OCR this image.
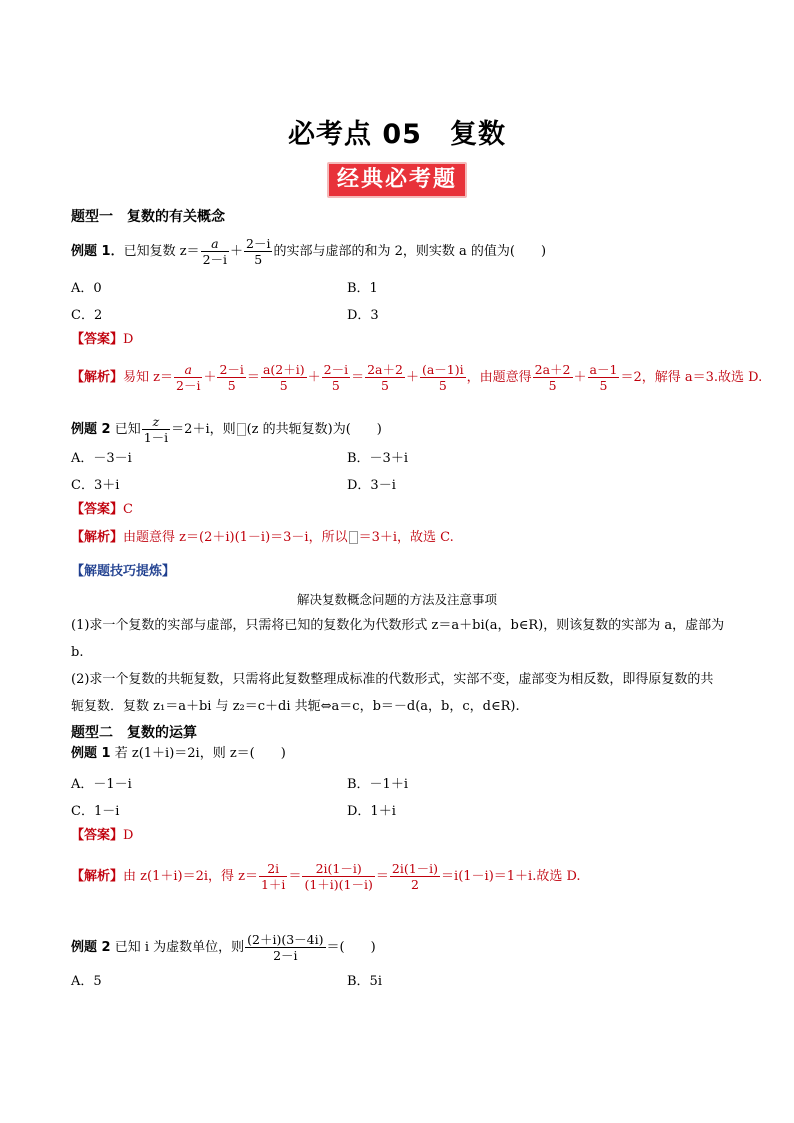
必考点 05　复数
经典必考题
题型一　复数的有关概念
例题 1．已知复数 $z= \frac{a}{2-i} + \frac{2-i}{5}$ 的实部与虚部的和为 2，则实数 a 的值为(　　)
A．0	B．1
C．2	D．3
【答案】D
【解析】易知 $z= \frac{a}{2-i} + \frac{2-i}{5} = \frac{a(2+i)}{5} + \frac{2-i}{5} = \frac{2a+2}{5} + \frac{(a-1)i}{5}$ ，由题意得 $\frac{2a+2}{5} + \frac{a-1}{5} =2$，解得 a＝3.故选 D.
例题 2 已知 $\frac{z}{1-i} =2+i$，则 (z 的共轭复数)为(　　)
A．－3－i	B．－3＋i
C．3＋i	D．3－i
【答案】C
【解析】由题意得 z＝(2＋i)(1－i)＝3－i，所以 ＝3＋i，故选 C.
【解题技巧提炼】
解决复数概念问题的方法及注意事项
(1)求一个复数的实部与虚部，只需将已知的复数化为代数形式 z＝a＋bi(a，b∈R)，则该复数的实部为 a，虚部为 b.
(2)求一个复数的共轭复数，只需将此复数整理成标准的代数形式，实部不变，虚部变为相反数，即得原复数的共轭复数．复数 z₁＝a＋bi 与 z₂＝c＋di 共轭⇔a＝c，b＝－d(a，b，c，d∈R).
题型二　复数的运算
例题 1 若 z(1＋i)＝2i，则 z＝(　　)
A．－1－i	B．－1＋i
C．1－i	D．1＋i
【答案】D
【解析】由 z(1＋i)＝2i，得 $z= \frac{2i}{1+i} = \frac{2i(1-i)}{(1+i)(1-i)} = \frac{2i(1-i)}{2} =i(1-i)=1+i$.故选 D.
例题 2 已知 i 为虚数单位，则 $\frac{(2+i)(3-4i)}{2-i}$ ＝(　　)
A．5	B．5i
